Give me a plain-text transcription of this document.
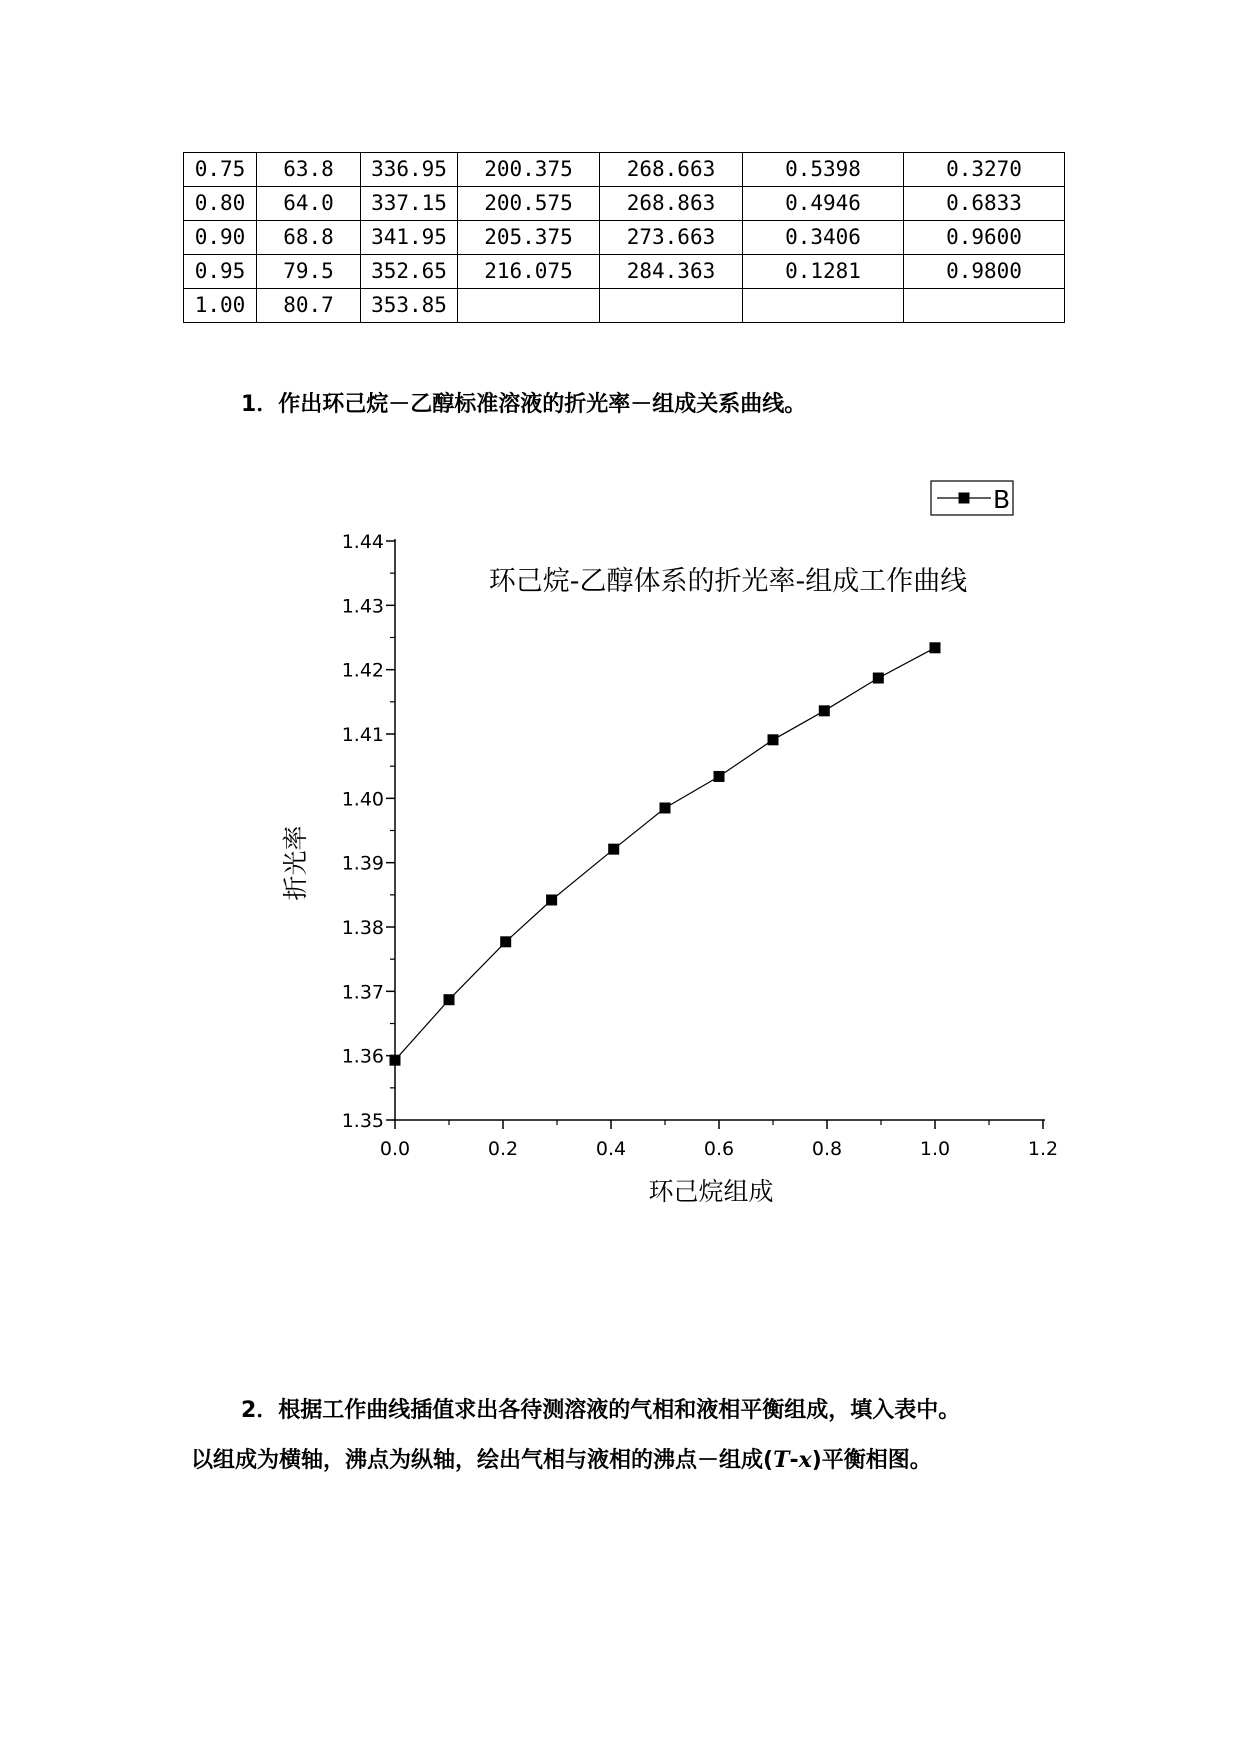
0.75	63.8	336.95	200.375	268.663	0.5398	0.3270
0.80	64.0	337.15	200.575	268.863	0.4946	0.6833
0.90	68.8	341.95	205.375	273.663	0.3406	0.9600
0.95	79.5	352.65	216.075	284.363	0.1281	0.9800
1.00	80.7	353.85				

1．作出环己烷－乙醇标准溶液的折光率－组成关系曲线。

1.35
1.36
1.37
1.38
1.39
1.40
1.41
1.42
1.43
1.44
0.0	0.2	0.4	0.6	0.8	1.0	1.2
环己烷-乙醇体系的折光率-组成工作曲线
环己烷组成
折光率
B

2．根据工作曲线插值求出各待测溶液的气相和液相平衡组成，填入表中。

以组成为横轴，沸点为纵轴，绘出气相与液相的沸点－组成(T-x)平衡相图。
